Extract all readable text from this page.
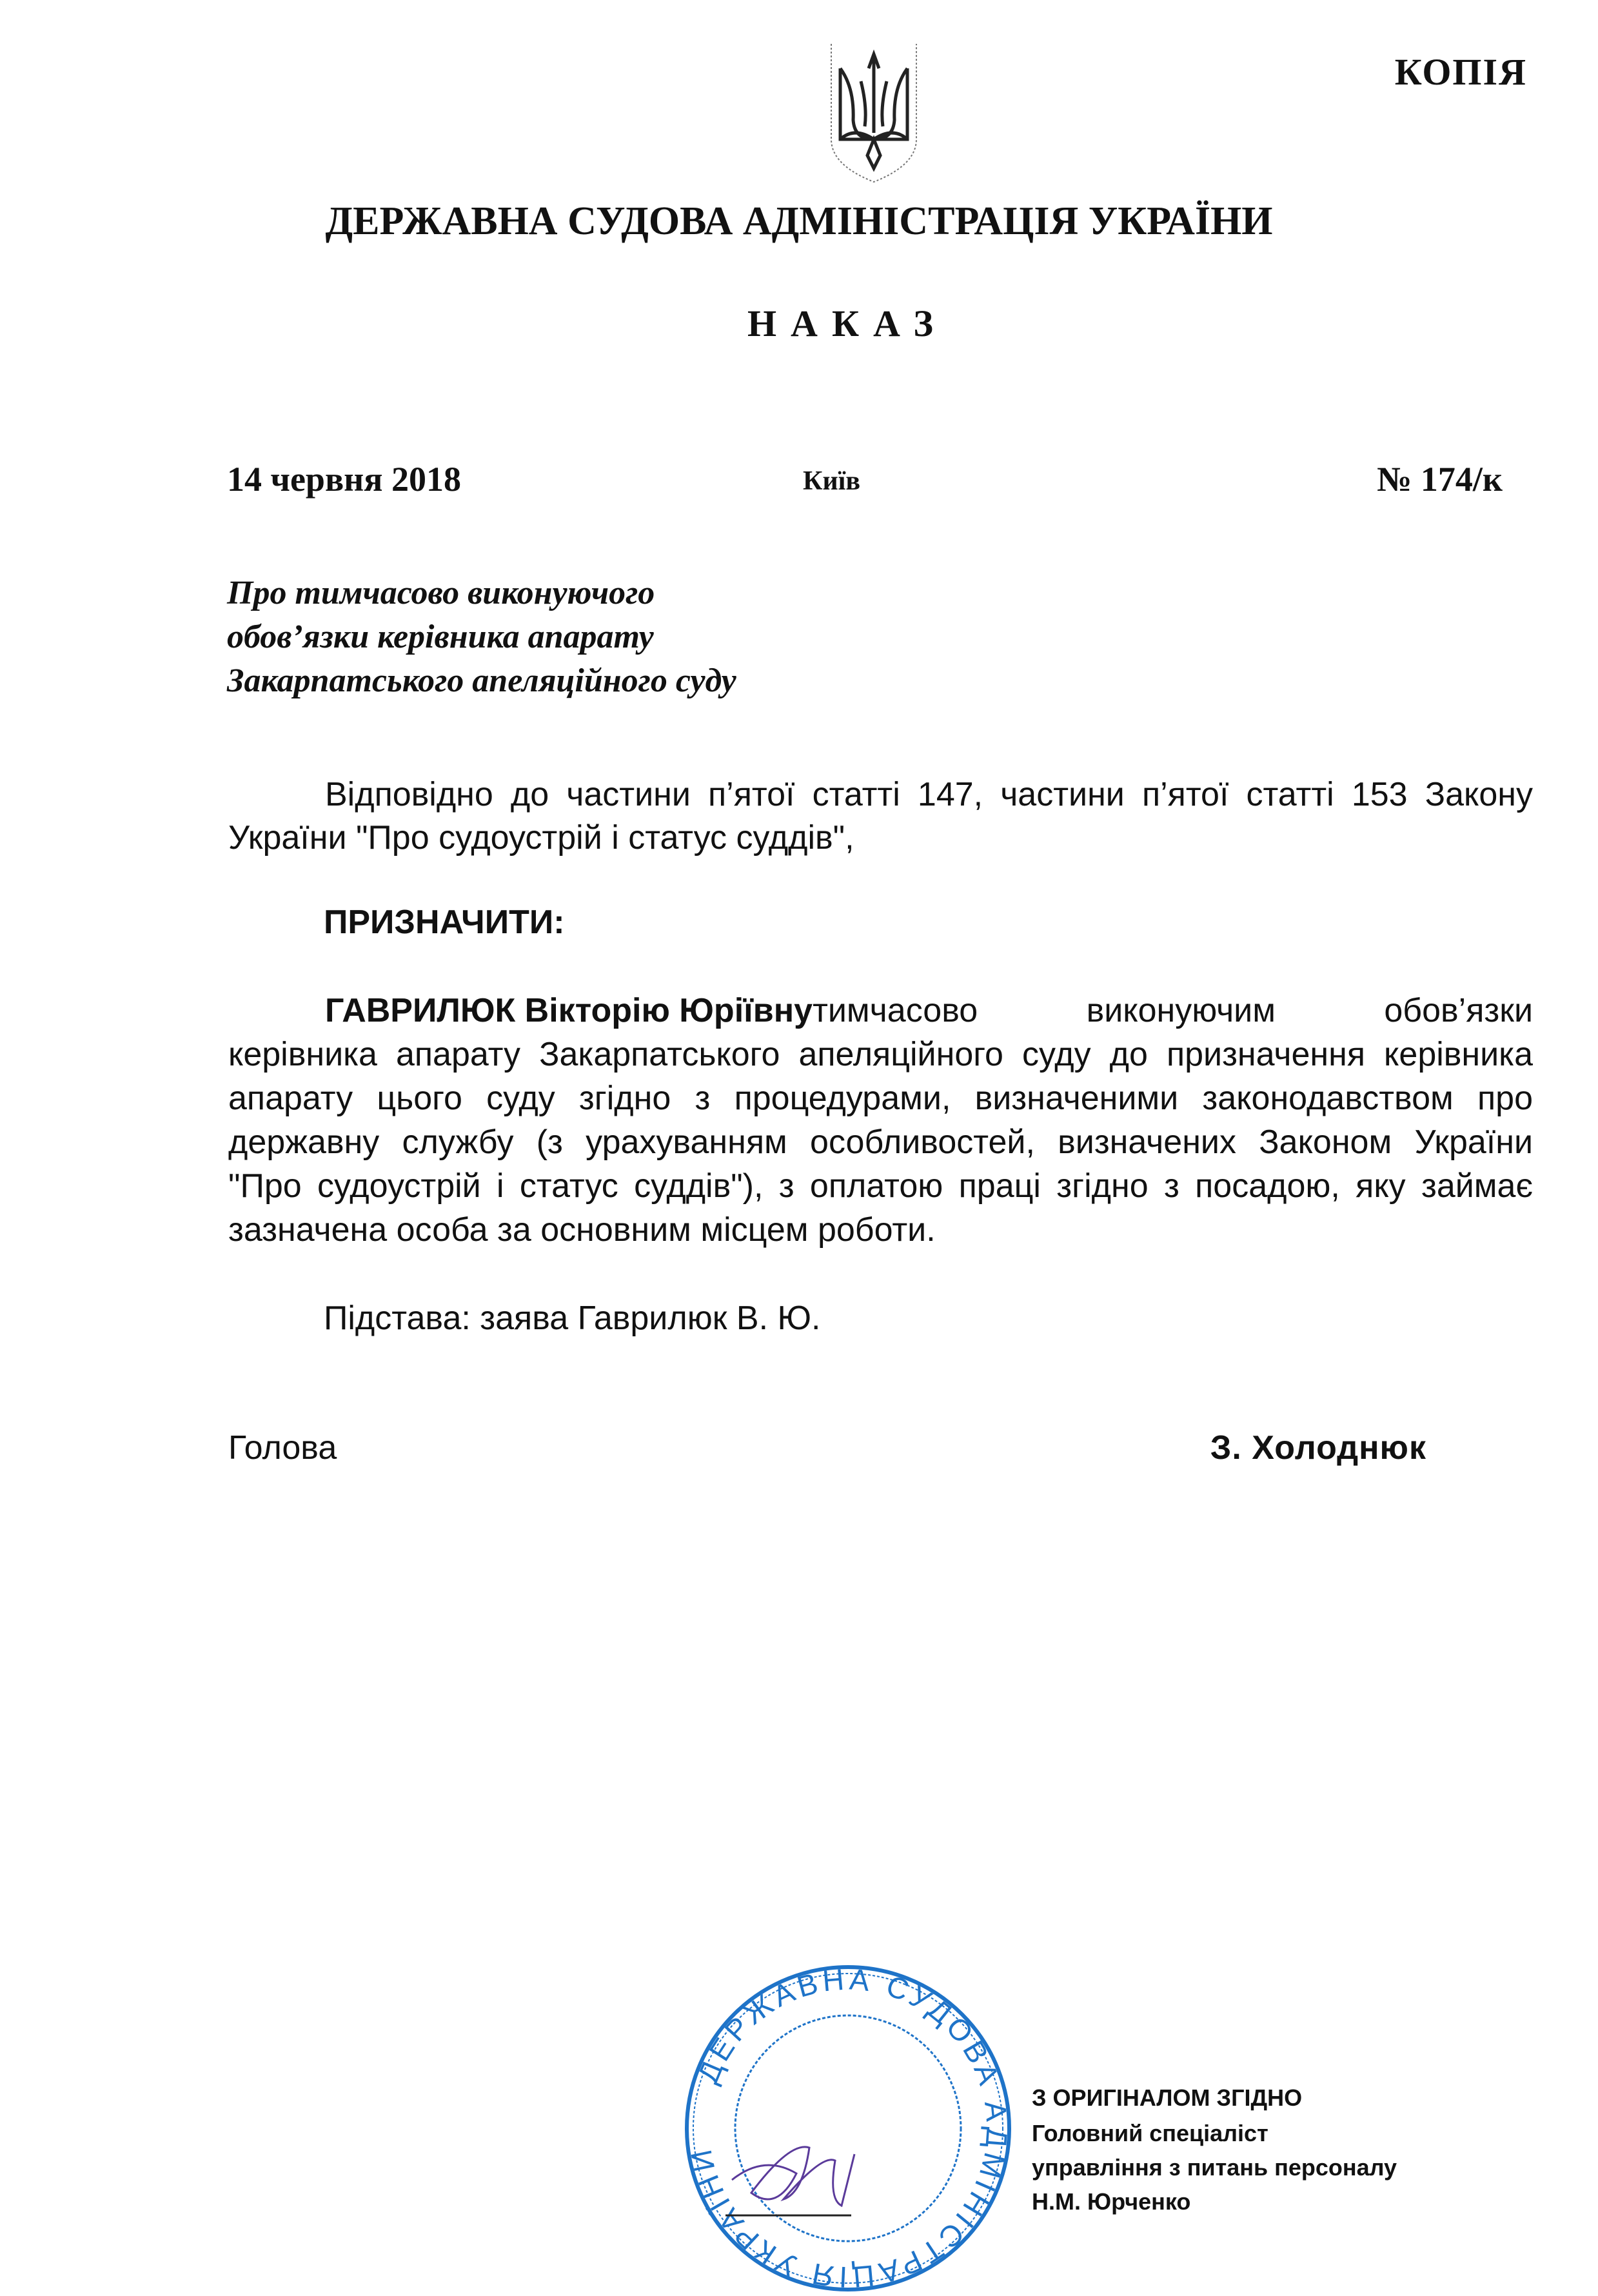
КОПІЯ
ДЕРЖАВНА СУДОВА АДМІНІСТРАЦІЯ УКРАЇНИ
НАКАЗ
14 червня 2018	Київ	№ 174/к
Про тимчасово виконуючого
обов’язки керівника апарату
Закарпатського апеляційного суду
Відповідно до частини п’ятої статті 147, частини п’ятої статті 153 Закону
України "Про судоустрій і статус суддів",
ПРИЗНАЧИТИ:
ГАВРИЛЮК Вікторію Юріївну тимчасово виконуючим обов’язки
керівника апарату Закарпатського апеляційного суду до призначення керівника
апарату цього суду згідно з процедурами, визначеними законодавством про
державну службу (з урахуванням особливостей, визначених Законом України
"Про судоустрій і статус суддів"), з оплатою праці згідно з посадою, яку займає
зазначена особа за основним місцем роботи.
Підстава: заява Гаврилюк В. Ю.
Голова	З. Холоднюк
ДЕРЖАВНА СУДОВА АДМІНІСТРАЦІЯ УКРАЇНИ
З ОРИГІНАЛОМ ЗГІДНО
Головний спеціаліст
управління з питань персоналу
Н.М. Юрченко
